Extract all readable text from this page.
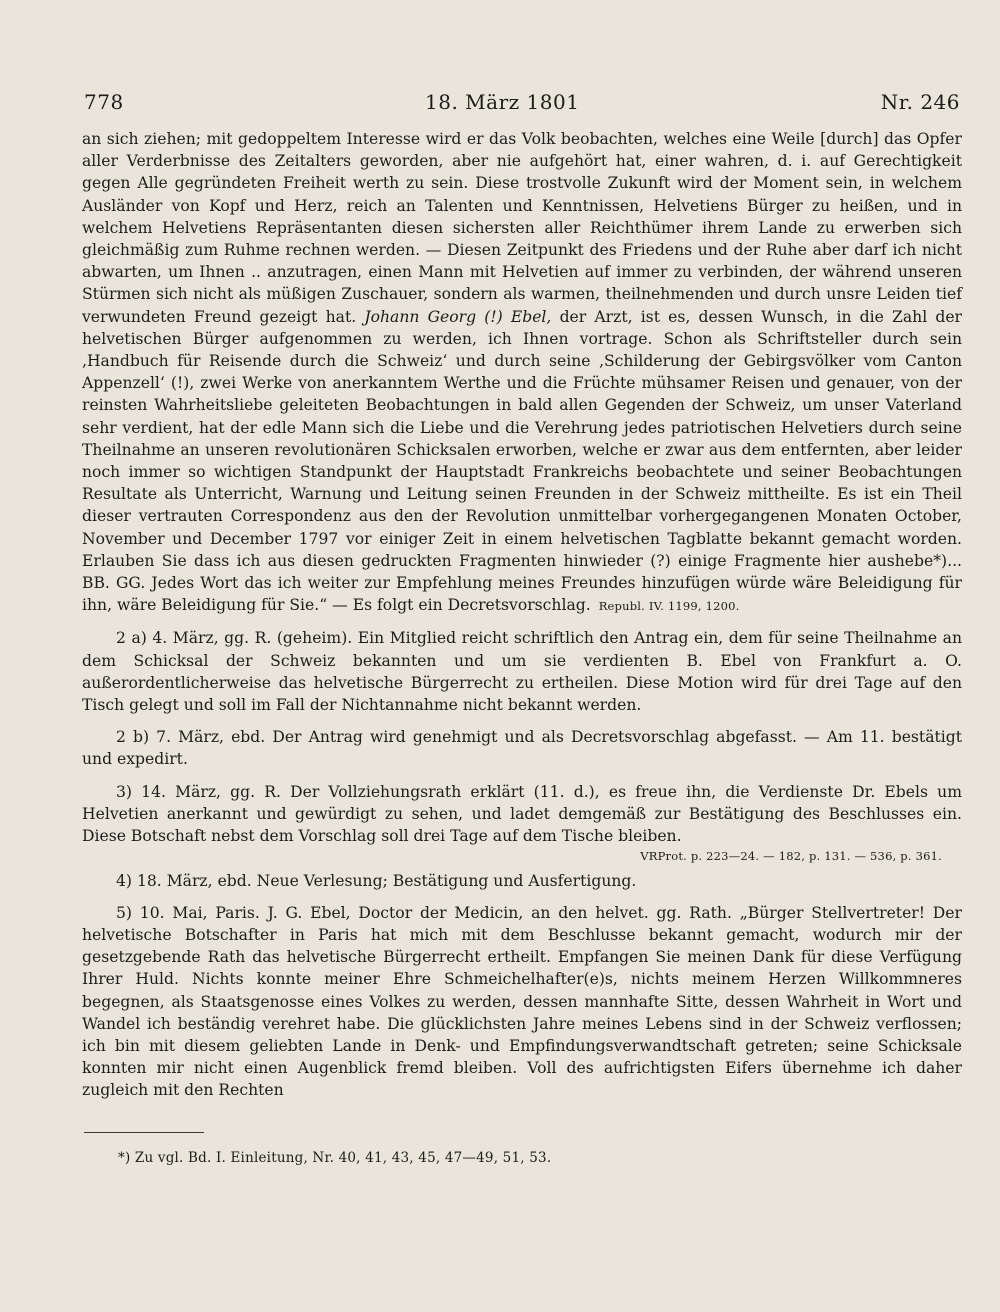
778	18. März 1801	Nr. 246

an sich ziehen; mit gedoppeltem Interesse wird er das Volk beobachten, welches eine Weile [durch] das Opfer aller Verderbnisse des Zeitalters geworden, aber nie aufgehört hat, einer wahren, d. i. auf Gerechtigkeit gegen Alle gegründeten Freiheit werth zu sein. Diese trostvolle Zukunft wird der Moment sein, in welchem Ausländer von Kopf und Herz, reich an Talenten und Kenntnissen, Helvetiens Bürger zu heißen, und in welchem Helvetiens Repräsentanten diesen sichersten aller Reichthümer ihrem Lande zu erwerben sich gleichmäßig zum Ruhme rechnen werden. — Diesen Zeitpunkt des Friedens und der Ruhe aber darf ich nicht abwarten, um Ihnen .. anzutragen, einen Mann mit Helvetien auf immer zu verbinden, der während unseren Stürmen sich nicht als müßigen Zuschauer, sondern als warmen, theilnehmenden und durch unsre Leiden tief verwundeten Freund gezeigt hat. Johann Georg (!) Ebel, der Arzt, ist es, dessen Wunsch, in die Zahl der helvetischen Bürger aufgenommen zu werden, ich Ihnen vortrage. Schon als Schriftsteller durch sein ‚Handbuch für Reisende durch die Schweiz‘ und durch seine ‚Schilderung der Gebirgsvölker vom Canton Appenzell‘ (!), zwei Werke von anerkanntem Werthe und die Früchte mühsamer Reisen und genauer, von der reinsten Wahrheitsliebe geleiteten Beobachtungen in bald allen Gegenden der Schweiz, um unser Vaterland sehr verdient, hat der edle Mann sich die Liebe und die Verehrung jedes patriotischen Helvetiers durch seine Theilnahme an unseren revolutionären Schicksalen erworben, welche er zwar aus dem entfernten, aber leider noch immer so wichtigen Standpunkt der Hauptstadt Frankreichs beobachtete und seiner Beobachtungen Resultate als Unterricht, Warnung und Leitung seinen Freunden in der Schweiz mittheilte. Es ist ein Theil dieser vertrauten Correspondenz aus den der Revolution unmittelbar vorhergegangenen Monaten October, November und December 1797 vor einiger Zeit in einem helvetischen Tagblatte bekannt gemacht worden. Erlauben Sie dass ich aus diesen gedruckten Fragmenten hinwieder (?) einige Fragmente hier aushebe*)... BB. GG. Jedes Wort das ich weiter zur Empfehlung meines Freundes hinzufügen würde wäre Beleidigung für ihn, wäre Beleidigung für Sie.“ — Es folgt ein Decretsvorschlag. Republ. IV. 1199, 1200.

2 a) 4. März, gg. R. (geheim). Ein Mitglied reicht schriftlich den Antrag ein, dem für seine Theilnahme an dem Schicksal der Schweiz bekannten und um sie verdienten B. Ebel von Frankfurt a. O. außerordentlicherweise das helvetische Bürgerrecht zu ertheilen. Diese Motion wird für drei Tage auf den Tisch gelegt und soll im Fall der Nichtannahme nicht bekannt werden.

2 b) 7. März, ebd. Der Antrag wird genehmigt und als Decretsvorschlag abgefasst. — Am 11. bestätigt und expedirt.

3) 14. März, gg. R. Der Vollziehungsrath erklärt (11. d.), es freue ihn, die Verdienste Dr. Ebels um Helvetien anerkannt und gewürdigt zu sehen, und ladet demgemäß zur Bestätigung des Beschlusses ein. Diese Botschaft nebst dem Vorschlag soll drei Tage auf dem Tische bleiben.

VRProt. p. 223—24. — 182, p. 131. — 536, p. 361.

4) 18. März, ebd. Neue Verlesung; Bestätigung und Ausfertigung.

5) 10. Mai, Paris. J. G. Ebel, Doctor der Medicin, an den helvet. gg. Rath. „Bürger Stellvertreter! Der helvetische Botschafter in Paris hat mich mit dem Beschlusse bekannt gemacht, wodurch mir der gesetzgebende Rath das helvetische Bürgerrecht ertheilt. Empfangen Sie meinen Dank für diese Verfügung Ihrer Huld. Nichts konnte meiner Ehre Schmeichelhafter(e)s, nichts meinem Herzen Willkommneres begegnen, als Staatsgenosse eines Volkes zu werden, dessen mannhafte Sitte, dessen Wahrheit in Wort und Wandel ich beständig verehret habe. Die glücklichsten Jahre meines Lebens sind in der Schweiz verflossen; ich bin mit diesem geliebten Lande in Denk- und Empfindungsverwandtschaft getreten; seine Schicksale konnten mir nicht einen Augenblick fremd bleiben. Voll des aufrichtigsten Eifers übernehme ich daher zugleich mit den Rechten

*) Zu vgl. Bd. I. Einleitung, Nr. 40, 41, 43, 45, 47—49, 51, 53.
